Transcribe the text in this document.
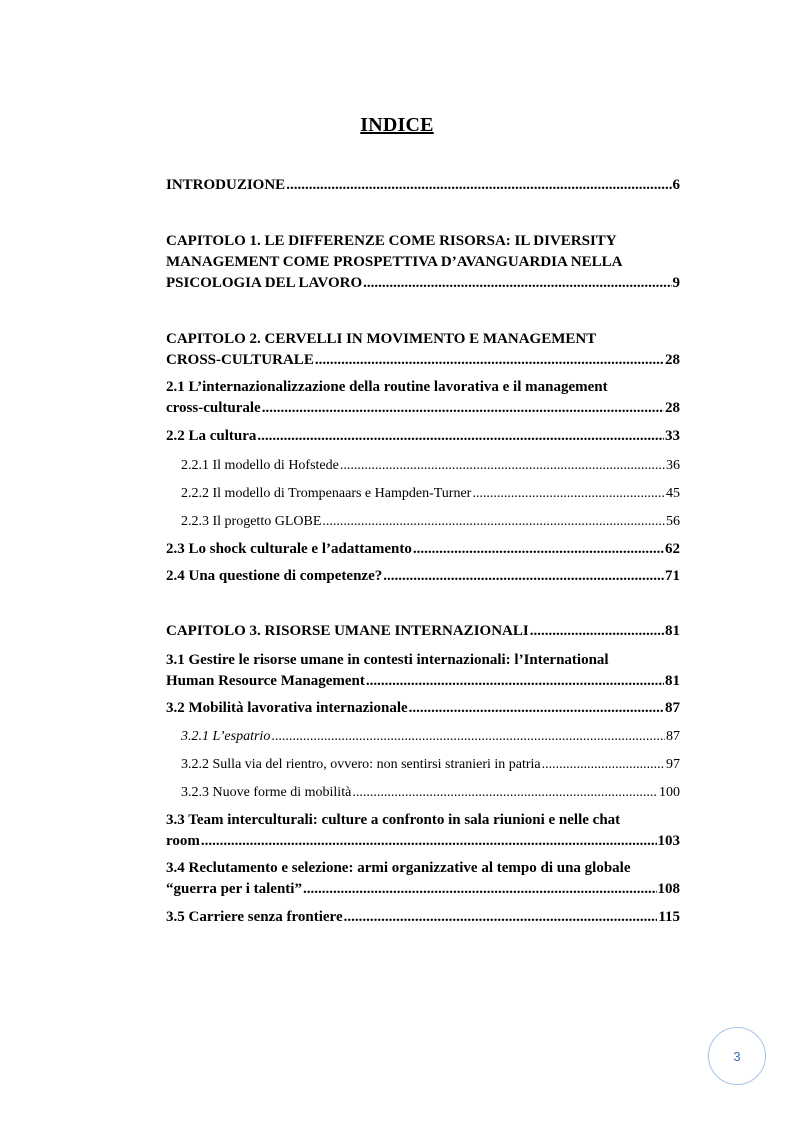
INDICE
INTRODUZIONE .....	6
CAPITOLO 1. LE DIFFERENZE COME RISORSA: IL DIVERSITY
MANAGEMENT COME PROSPETTIVA D’AVANGUARDIA NELLA
PSICOLOGIA DEL LAVORO .....	9
CAPITOLO 2. CERVELLI IN MOVIMENTO E MANAGEMENT
CROSS-CULTURALE .....	28
2.1 L’internazionalizzazione della routine lavorativa e il management
cross-culturale .....	28
2.2 La cultura .....	33
2.2.1 Il modello di Hofstede .....	36
2.2.2 Il modello di Trompenaars e Hampden-Turner .....	45
2.2.3 Il progetto GLOBE .....	56
2.3 Lo shock culturale e l’adattamento .....	62
2.4 Una questione di competenze? .....	71
CAPITOLO 3. RISORSE UMANE INTERNAZIONALI .....	81
3.1 Gestire le risorse umane in contesti internazionali: l’International
Human Resource Management .....	81
3.2 Mobilità lavorativa internazionale .....	87
3.2.1 L’espatrio .....	87
3.2.2 Sulla via del rientro, ovvero: non sentirsi stranieri in patria .....	97
3.2.3 Nuove forme di mobilità .....	100
3.3 Team interculturali: culture a confronto in sala riunioni e nelle chat
room .....	103
3.4 Reclutamento e selezione: armi organizzative al tempo di una globale
“guerra per i talenti” .....	108
3.5 Carriere senza frontiere .....	115
3
